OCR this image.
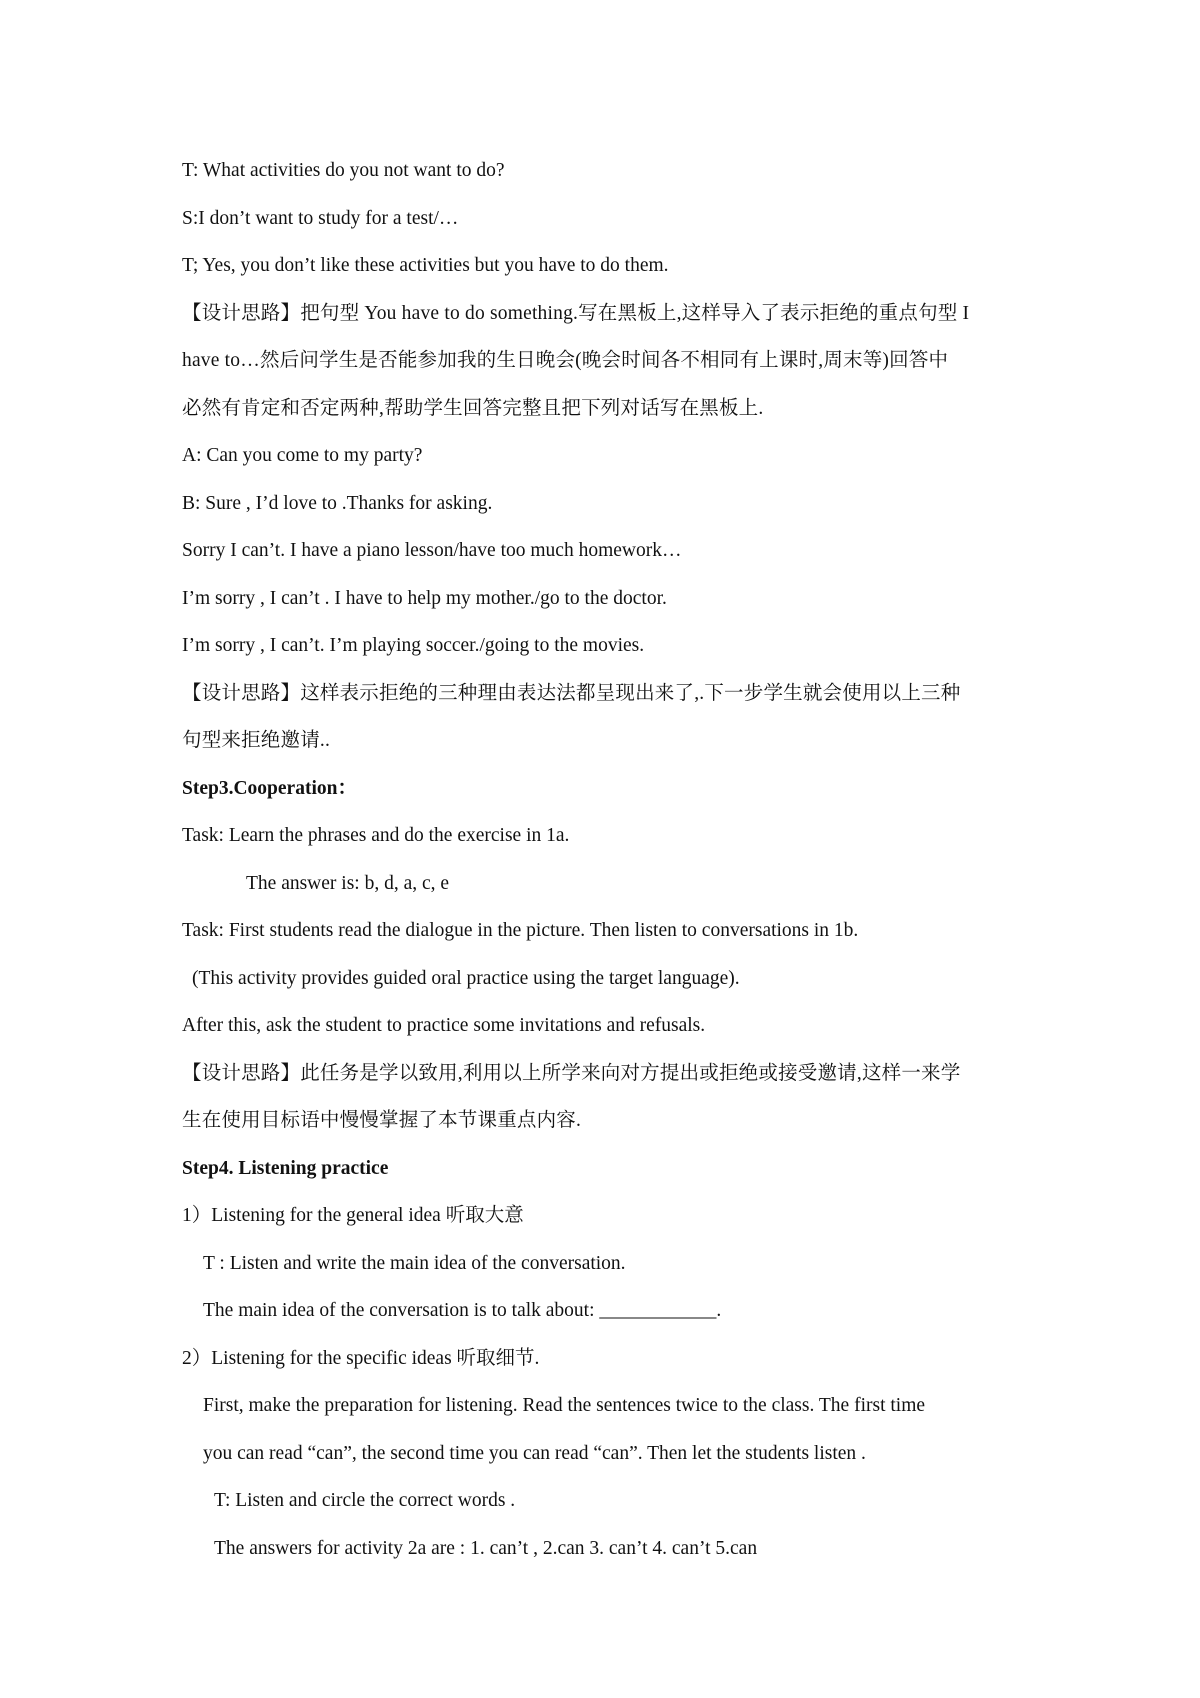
T: What activities do you not want to do?
S:I don’t want to study for a test/…
T; Yes, you don’t like these activities but you have to do them.
【设计思路】把句型 You have to do something.写在黑板上,这样导入了表示拒绝的重点句型 I
have to…然后问学生是否能参加我的生日晚会(晚会时间各不相同有上课时,周末等)回答中
必然有肯定和否定两种,帮助学生回答完整且把下列对话写在黑板上.
A: Can you come to my party?
B: Sure , I’d love to .Thanks for asking.
Sorry I can’t. I have a piano lesson/have too much homework…
I’m sorry , I can’t . I have to help my mother./go to the doctor.
I’m sorry , I can’t. I’m playing soccer./going to the movies.
【设计思路】这样表示拒绝的三种理由表达法都呈现出来了,.下一步学生就会使用以上三种
句型来拒绝邀请..
Step3.Cooperation：
Task: Learn the phrases and do the exercise in 1a.
The answer is: b, d, a, c, e
Task: First students read the dialogue in the picture. Then listen to conversations in 1b.
(This activity provides guided oral practice using the target language).
After this, ask the student to practice some invitations and refusals.
【设计思路】此任务是学以致用,利用以上所学来向对方提出或拒绝或接受邀请,这样一来学
生在使用目标语中慢慢掌握了本节课重点内容.
Step4. Listening practice
1）Listening for the general idea 听取大意
T : Listen and write the main idea of the conversation.
The main idea of the conversation is to talk about: ____________.
2）Listening for the specific ideas 听取细节.
First, make the preparation for listening. Read the sentences twice to the class. The first time
you can read “can”, the second time you can read “can”. Then let the students listen .
T: Listen and circle the correct words .
The answers for activity 2a are : 1. can’t , 2.can 3. can’t 4. can’t 5.can
